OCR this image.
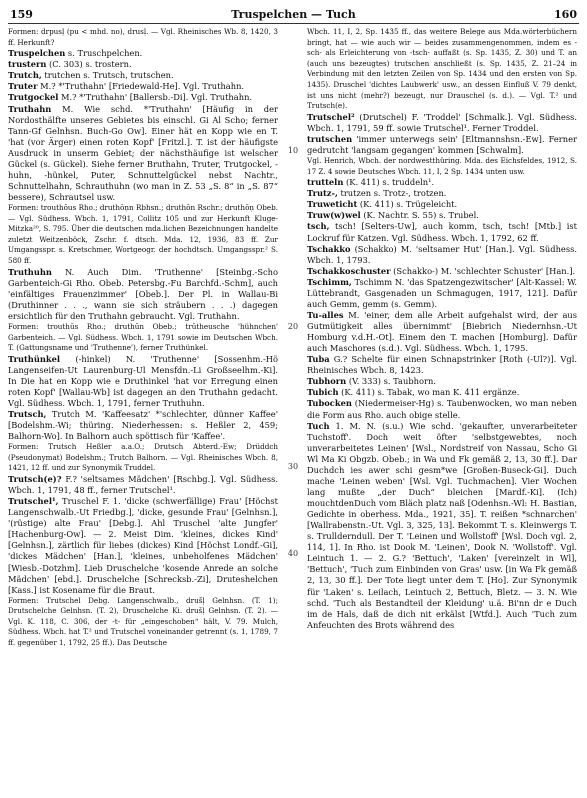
159	Truspelchen — Tuch	160

Formen: drpusḷ (pu < mhd. no), drusḷ. — Vgl. Rheinisches Wb. 8, 1420, 3 ff. Herkunft?

Truspelchen s. Truschpelchen.

trustern (C. 303) s. trostern.

Trutch, trutchen s. Trutsch, trutschen.

Truter M.? *'Truthahn' [Friedewald-He]. Vgl. Truthahn.

Trutgockel M.? *'Truthahn' [Ballersb.-Di]. Vgl. Truthahn.

Truthahn M. Wie schd. *'Truthahn' [Häufig in der Nordosthälfte unseres Gebietes bis einschl. Gi Al Scho; ferner Tann-Gf Gelnhsn. Buch-Go Ow]. Einer hät en Kopp wie en T. 'hat (vor Ärger) einen roten Kopf' [Fritzl.]. T. ist der häufigste Ausdruck in unserm Gebiet; der nächsthäufige ist welscher Gückel (s. Gückel). Siehe ferner Bruthahn, Truter, Trutgockel, -huhn, -hünkel, Puter, Schnuttelgückel nebst Nachtr., Schnuttelhahn, Schrauthuhn (wo man in Z. 53 „S. 8“ in „S. 87“ bessere), Schrautsel usw.

Formen: trouthōus Rho.; druthōṇn Rbhsn.; druthōn Rschr.; druthōṇ Obeb. — Vgl. Südhess. Wbch. 1, 1791, Collitz 105 und zur Herkunft Kluge-Mitzka²⁰, S. 795. Über die deutschen mda.lichen Bezeichnungen handelte zuletzt Weitzenböck, Zschr. f. dtsch. Mda. 12, 1936, 83 ff. Zur Umgangsspr. s. Kretschmer, Wortgeogr. der hochdtsch. Umgangsspr.² S. 580 ff.

Truthuhn N. Auch Dim. 'Truthenne' [Steinbg.-Scho Garbenteich-Gi Rho. Obeb. Petersbg.-Fu Barchfd.-Schm], auch 'einfältiges Frauenzimmer' [Obeb.]. Der Pl. in Wallau-Bi (Druthinner . . ., wann sie sich sträubern . . .) dagegen ersichtlich für den Truthahn gebraucht. Vgl. Truthahn.

Formen: trouthūs Rho.; druthūn Obeb.; trūtheusche 'hühnchen' Garbenteich. — Vgl. Südhess. Wbch. 1, 1791 sowie im Deutschen Wbch. T. (Gattungsname und 'Truthenne'), ferner Truthünkel.

Truthünkel (-hinkel) N. 'Truthenne' [Sossenhm.-Hö Langenseifen-Ut Laurenburg-Ul Mensfdn.-Li Großseelhm.-Ki]. In Die hat en Kopp wie e Druthinkel 'hat vor Erregung einen roten Kopf' [Wallau-Wb] ist dagegen an den Truthahn gedacht. Vgl. Südhess. Wbch. 1, 1791, ferner Truthuhn.

Trutsch, Trutch M. 'Kaffeesatz' *'schlechter, dünner Kaffee' [Bodelshm.-Wi; thüring. Niederhessen: s. Heßler 2, 459; Balhorn-Wo]. In Balhorn auch spöttisch für 'Kaffee'.

Formen: Trutsch Heßler a.a.O.; Drutsch Abterd.-Ew; Drüddch (Pseudonymat) Bodelshm.; Trutch Balhorn. — Vgl. Rheinisches Wbch. 8, 1421, 12 ff. und zur Synonymik Truddel.

Trutsch(e)? F.? 'seltsames Mädchen' [Rschbg.]. Vgl. Südhess. Wbch. 1, 1791, 48 ff., ferner Trutschel¹.

Trutschel¹, Truschel F. 1. 'dicke (schwerfällige) Frau' [Höchst Langenschwalb.-Ut Friedbg.], 'dicke, gesunde Frau' [Gelnhsn.], '(rüstige) alte Frau' [Debg.]. Ahl Truschel 'alte Jungfer' [Hachenburg-Ow]. — 2. Meist Dim. 'kleines, dickes Kind' [Gelnhsn.], zärtlich für liebes (dickes) Kind [Höchst Londf.-Gi], 'dickes Mädchen' [Han.], 'kleines, unbeholfenes Mädchen' [Wiesb.-Dotzhm]. Lieb Druschelche 'kosende Anrede an solche Mädchen' [ebd.]. Druschelche [Schrecksb.-Zi], Druteshelchen [Kass.] ist Kosename für die Braut.

Formen: Trutschel Debg. Langenschwalb., drušḷ Gelnhsn. (T. 1); Drutschelche Gelnhsn. (T. 2), Druschelche Ki. drušḷ Gelnhsn. (T. 2). — Vgl. K. 118, C. 306, der -t- für „eingeschoben“ hält, V. 79. Mulch, Südhess. Wbch. hat T.² und Trutschel voneinander getrennt (s. 1, 1789, 7 ff. gegenüber 1, 1792, 25 ff.). Das Deutsche

10
20
30
40

Wbch. 11, I, 2, Sp. 1435 ff., das weitere Belege aus Mda.wörterbüchern bringt, hat — wie auch wir — beides zusammengenommen, indem es -sch- als Erleichterung von -tsch- auffaßt (s. Sp. 1435, Z. 30) und T. an (auch uns bezeugtes) trutschen anschließt (s. Sp. 1435, Z. 21–24 in Verbindung mit den letzten Zeilen von Sp. 1434 und den ersten von Sp. 1435). Druschel 'dichtes Laubwerk' usw., an dessen Einfluß V. 79 denkt, ist uns nicht (mehr?) bezeugt, nur Drauschel (s. d.). — Vgl. T.² und Trutsch(e).

Trutschel² (Drutschel) F. 'Troddel' [Schmalk.]. Vgl. Südhess. Wbch. 1, 1791, 59 ff. sowie Trutschel¹. Ferner Troddel.

trutschen 'immer unterwegs sein' [Eltmannshsn.-Ew]. Ferner gedrutcht 'langsam gegangen' kommen [Schwalm].

Vgl. Henrich, Wbch. der nordwestthüring. Mda. des Eichsfeldes, 1912, S. 17 Z. 4 sowie Deutsches Wbch. 11, I, 2 Sp. 1434 unten usw.

trutteln (K. 411) s. truddeln¹.

Trutz-, trutzen s. Trotz-, trotzen.

Truweticht (K. 411) s. Trügeleicht.

Truw(w)wel (K. Nachtr. S. 55) s. Trubel.

tsch, tsch! [Selters-Uw], auch komm, tsch, tsch! [Mtb.] ist Lockruf für Katzen. Vgl. Südhess. Wbch. 1, 1792, 62 ff.

Tschakko (Schakko) M. 'seltsamer Hut' [Han.]. Vgl. Südhess. Wbch. 1, 1793.

Tschakkoschuster (Schakko-) M. 'schlechter Schuster' [Han.].

Tschimm, Tschimm N. 'das Spatzengezwitscher' [Alt-Kassel: W. Lüttebrandt, Gasgenaden un Schmagugen, 1917, 121]. Dafür auch Gemm, gemm (s. Gemm).

Tu-alles M. 'einer, dem alle Arbeit aufgehalst wird, der aus Gutmütigkeit alles übernimmt' [Biebrich Niedernhsn.-Ut Homburg v.d.H.-Ot]. Einem den T. machen [Homburg]. Dafür auch Maschores (s.d.). Vgl. Südhess. Wbch. 1, 1795.

Tuba G.? Schelte für einen Schnapstrinker [Roth (-Ul?)]. Vgl. Rheinisches Wbch. 8, 1423.

Tubhorn (V. 333) s. Taubhorn.

Tubich (K. 411) s. Tabak, wo man K. 411 ergänze.

Tubocken (Niedermeiser-Hg) s. Taubenwocken, wo man neben die Form aus Rho. auch obige stelle.

Tuch 1. M. N. (s.u.) Wie schd. 'gekaufter, unverarbeiteter Tuchstoff'. Doch weit öfter 'selbstgewebtes, noch unverarbeitetes Leinen' [Wsl., Nordstreif von Nassau, Scho Gi Wl Ma Ki Obgzb. Obeb.; in Wa und Fk gemäß 2, 13, 30 ff.]. Dar Duchdch ies awer schi gesm*we [Großen-Buseck-Gi]. Duch mache 'Leinen weben' [Wsl. Vgl. Tuchmachen]. Vier Wochen lang mußte „der Duch“ bleichen [Mardf.-Ki]. (Ich) mouchtdenDuch vom Bläch platz naß [Odenhsn.-Wl: H. Bastian, Gedichte in oberhess. Mda., 1921, 35]. T. reißen *schnarchen' [Wallrabenstn.-Ut. Vgl. 3, 325, 13]. Bekommt T. s. Kleinwergs T. s. Trullderndull. Der T. 'Leinen und Wollstoff' [Wsl. Doch vgl. 2, 114, 1]. In Rho. ist Dook M. 'Leinen', Dook N. 'Wollstoff'. Vgl. Leintuch 1. — 2. G.? 'Bettuch', 'Laken' [vereinzelt in Wl], 'Bettuch', 'Tuch zum Einbinden von Gras' usw. [in Wa Fk gemäß 2, 13, 30 ff.]. Der Tote liegt unter dem T. [Ho]. Zur Synonymik für 'Laken' s. Leilach, Leintuch 2, Bettuch, Bletz. — 3. N. Wie schd. 'Tuch als Bestandteil der Kleidung' u.ä. Bi'nn dr e Duch im de Hals, daß de dich nit erkälst [Wtfd.]. Auch 'Tuch zum Anfeuchten des Brots während des
